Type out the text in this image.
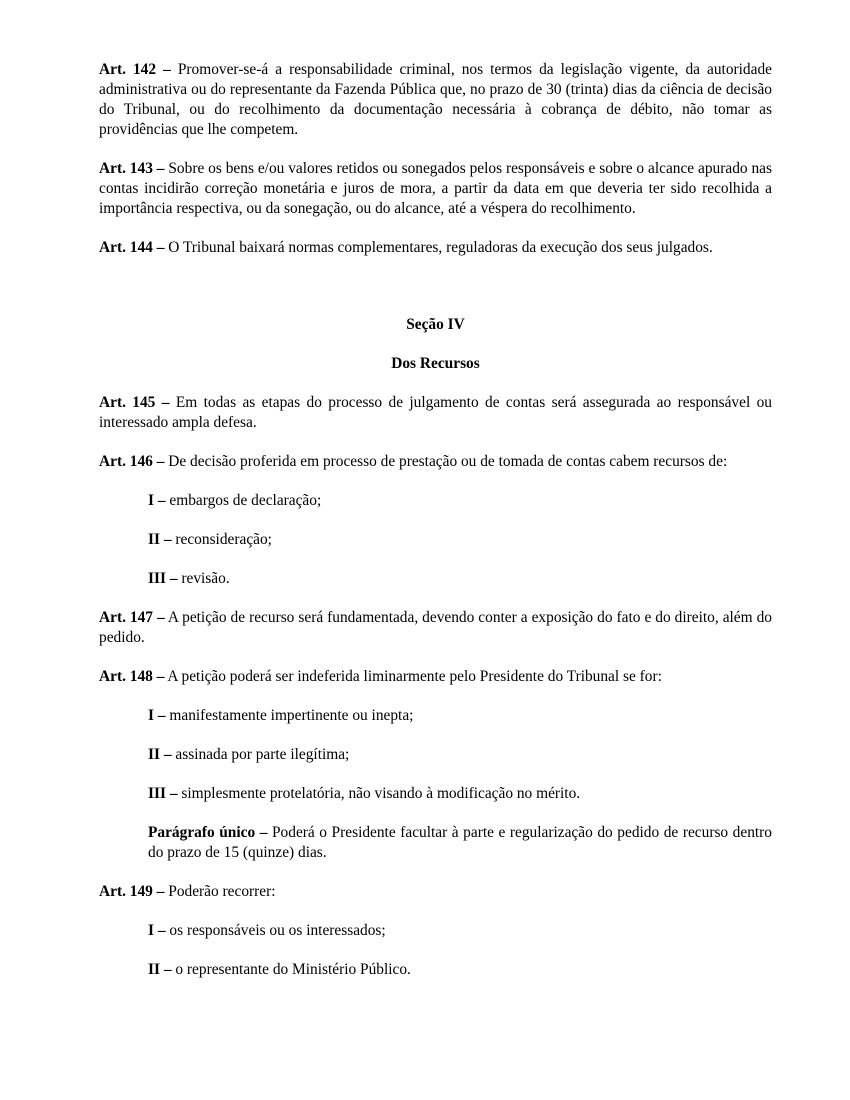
Art. 142 – Promover-se-á a responsabilidade criminal, nos termos da legislação vigente, da autoridade administrativa ou do representante da Fazenda Pública que, no prazo de 30 (trinta) dias da ciência de decisão do Tribunal, ou do recolhimento da documentação necessária à cobrança de débito, não tomar as providências que lhe competem.

Art. 143 – Sobre os bens e/ou valores retidos ou sonegados pelos responsáveis e sobre o alcance apurado nas contas incidirão correção monetária e juros de mora, a partir da data em que deveria ter sido recolhida a importância respectiva, ou da sonegação, ou do alcance, até a véspera do recolhimento.

Art. 144 – O Tribunal baixará normas complementares, reguladoras da execução dos seus julgados.

Seção IV

Dos Recursos

Art. 145 – Em todas as etapas do processo de julgamento de contas será assegurada ao responsável ou interessado ampla defesa.

Art. 146 – De decisão proferida em processo de prestação ou de tomada de contas cabem recursos de:

I – embargos de declaração;

II – reconsideração;

III – revisão.

Art. 147 – A petição de recurso será fundamentada, devendo conter a exposição do fato e do direito, além do pedido.

Art. 148 – A petição poderá ser indeferida liminarmente pelo Presidente do Tribunal se for:

I – manifestamente impertinente ou inepta;

II – assinada por parte ilegítima;

III – simplesmente protelatória, não visando à modificação no mérito.

Parágrafo único – Poderá o Presidente facultar à parte e regularização do pedido de recurso dentro do prazo de 15 (quinze) dias.

Art. 149 – Poderão recorrer:

I – os responsáveis ou os interessados;

II – o representante do Ministério Público.
